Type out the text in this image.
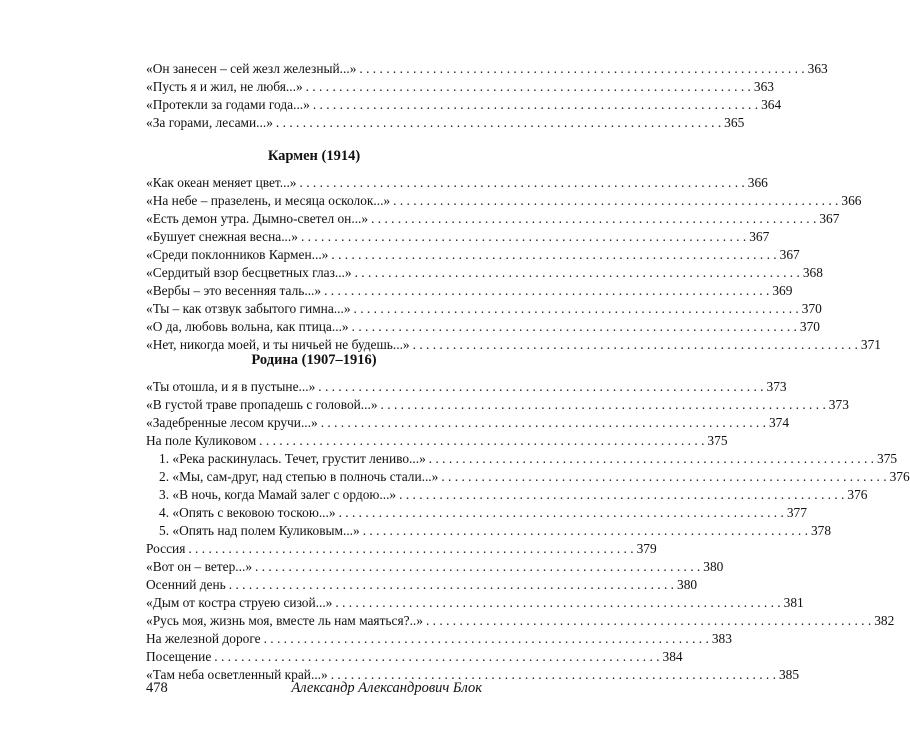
«Он занесен – сей жезл железный...» . . .	363
«Пусть я и жил, не любя...» . . .	363
«Протекли за годами года...» . . .	364
«За горами, лесами...» . . .	365
Кармен (1914)
«Как океан меняет цвет...» . . .	366
«На небе – празелень, и месяца осколок...» . . .	366
«Есть демон утра. Дымно-светел он...» . . .	367
«Бушует снежная весна...» . . .	367
«Среди поклонников Кармен...» . . .	367
«Сердитый взор бесцветных глаз...» . . .	368
«Вербы – это весенняя таль...» . . .	369
«Ты – как отзвук забытого гимна...» . . .	370
«О да, любовь вольна, как птица...» . . .	370
«Нет, никогда моей, и ты ничьей не будешь...» . . .	371
Родина (1907–1916)
«Ты отошла, и я в пустыне...» . . .	373
«В густой траве пропадешь с головой...» . . .	373
«Задебренные лесом кручи...» . . .	374
На поле Куликовом . . .	375
1. «Река раскинулась. Течет, грустит лениво...» . . .	375
2. «Мы, сам-друг, над степью в полночь стали...» . . .	376
3. «В ночь, когда Мамай залег с ордою...» . . .	376
4. «Опять с вековою тоскою...» . . .	377
5. «Опять над полем Куликовым...» . . .	378
Россия . . .	379
«Вот он – ветер...» . . .	380
Осенний день . . .	380
«Дым от костра струею сизой...» . . .	381
«Русь моя, жизнь моя, вместе ль нам маяться?..» . . .	382
На железной дороге . . .	383
Посещение . . .	384
«Там неба осветленный край...» . . .	385
478	Александр Александрович Блок
